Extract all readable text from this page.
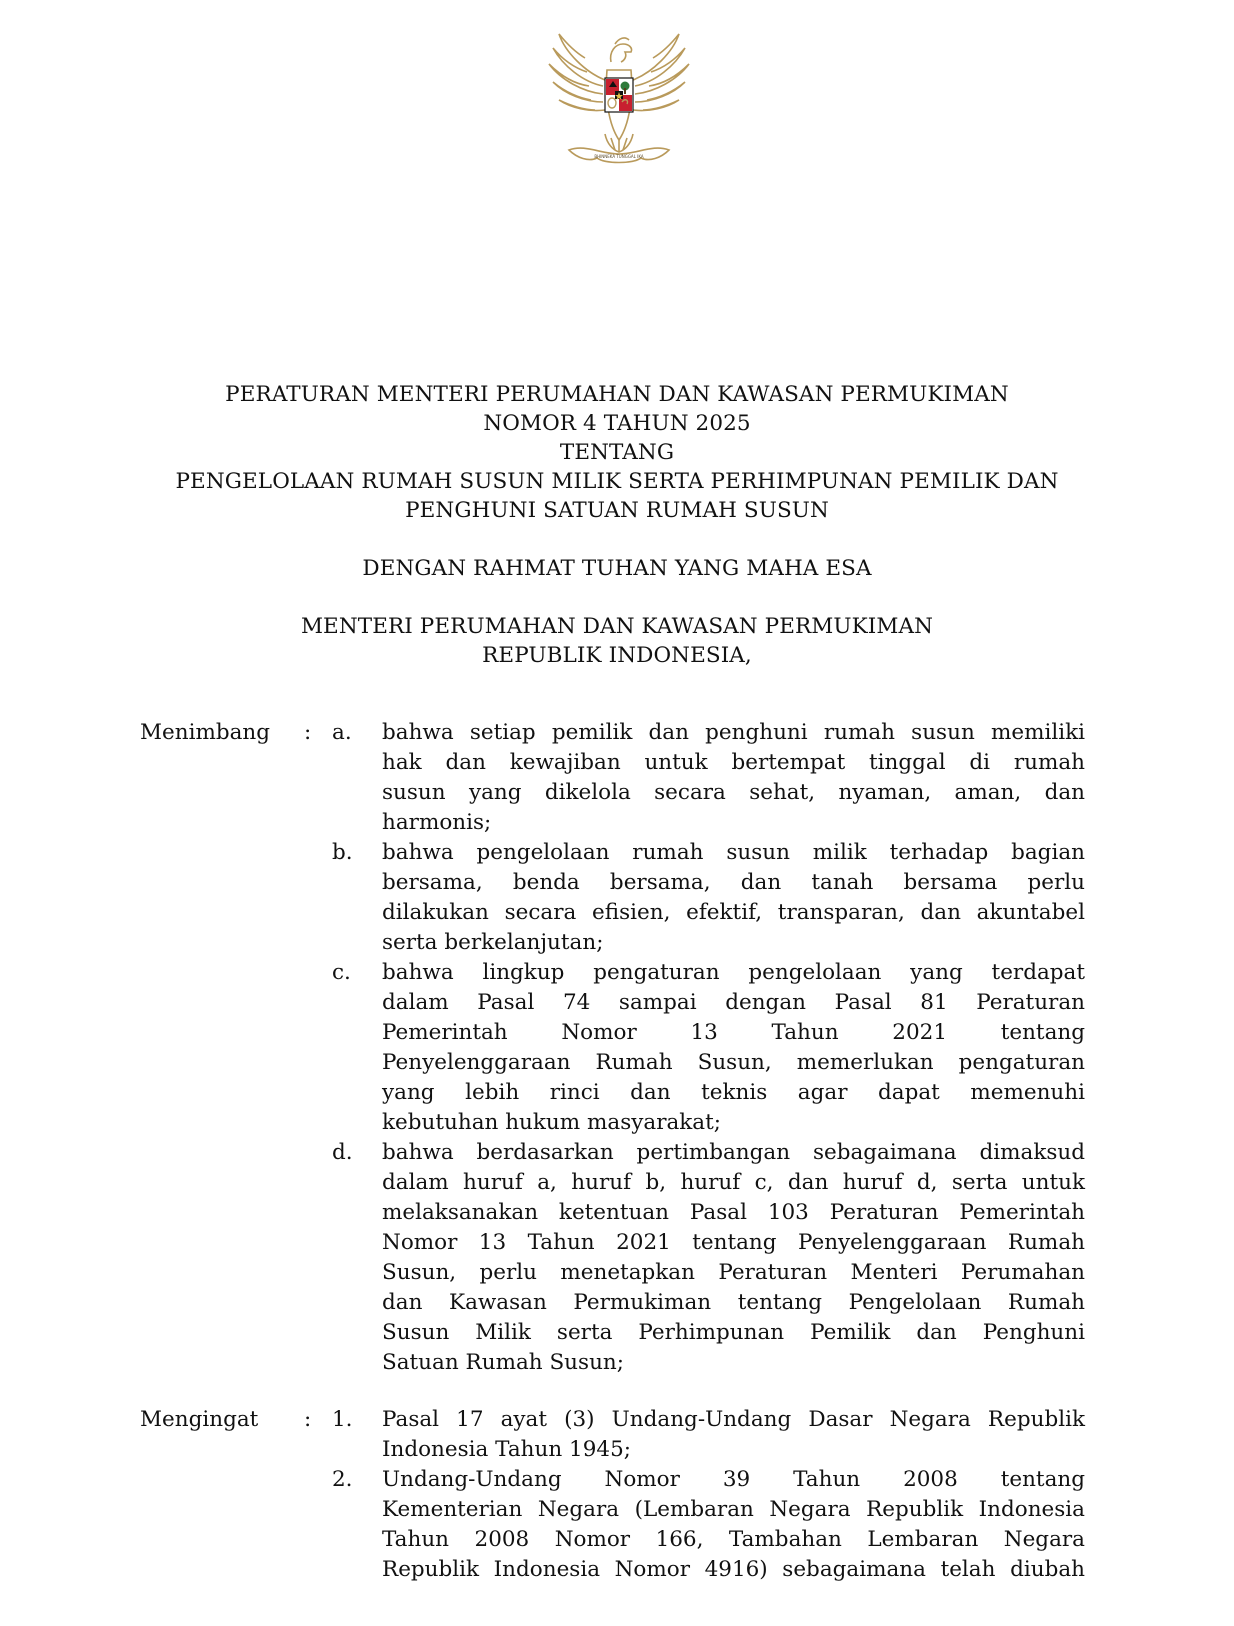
BHINNEKA TUNGGAL IKA
PERATURAN MENTERI PERUMAHAN DAN KAWASAN PERMUKIMAN
NOMOR 4 TAHUN 2025
TENTANG
PENGELOLAAN RUMAH SUSUN MILIK SERTA PERHIMPUNAN PEMILIK DAN
PENGHUNI SATUAN RUMAH SUSUN
DENGAN RAHMAT TUHAN YANG MAHA ESA
MENTERI PERUMAHAN DAN KAWASAN PERMUKIMAN
REPUBLIK INDONESIA,
Menimbang : a.	bahwa setiap pemilik dan penghuni rumah susun memiliki
hak dan kewajiban untuk bertempat tinggal di rumah
susun yang dikelola secara sehat, nyaman, aman, dan
harmonis;
b.	bahwa pengelolaan rumah susun milik terhadap bagian
bersama, benda bersama, dan tanah bersama perlu
dilakukan secara efisien, efektif, transparan, dan akuntabel
serta berkelanjutan;
c.	bahwa lingkup pengaturan pengelolaan yang terdapat
dalam Pasal 74 sampai dengan Pasal 81 Peraturan
Pemerintah Nomor 13 Tahun 2021 tentang
Penyelenggaraan Rumah Susun, memerlukan pengaturan
yang lebih rinci dan teknis agar dapat memenuhi
kebutuhan hukum masyarakat;
d.	bahwa berdasarkan pertimbangan sebagaimana dimaksud
dalam huruf a, huruf b, huruf c, dan huruf d, serta untuk
melaksanakan ketentuan Pasal 103 Peraturan Pemerintah
Nomor 13 Tahun 2021 tentang Penyelenggaraan Rumah
Susun, perlu menetapkan Peraturan Menteri Perumahan
dan Kawasan Permukiman tentang Pengelolaan Rumah
Susun Milik serta Perhimpunan Pemilik dan Penghuni
Satuan Rumah Susun;
Mengingat : 1.	Pasal 17 ayat (3) Undang-Undang Dasar Negara Republik
Indonesia Tahun 1945;
2.	Undang-Undang Nomor 39 Tahun 2008 tentang
Kementerian Negara (Lembaran Negara Republik Indonesia
Tahun 2008 Nomor 166, Tambahan Lembaran Negara
Republik Indonesia Nomor 4916) sebagaimana telah diubah
